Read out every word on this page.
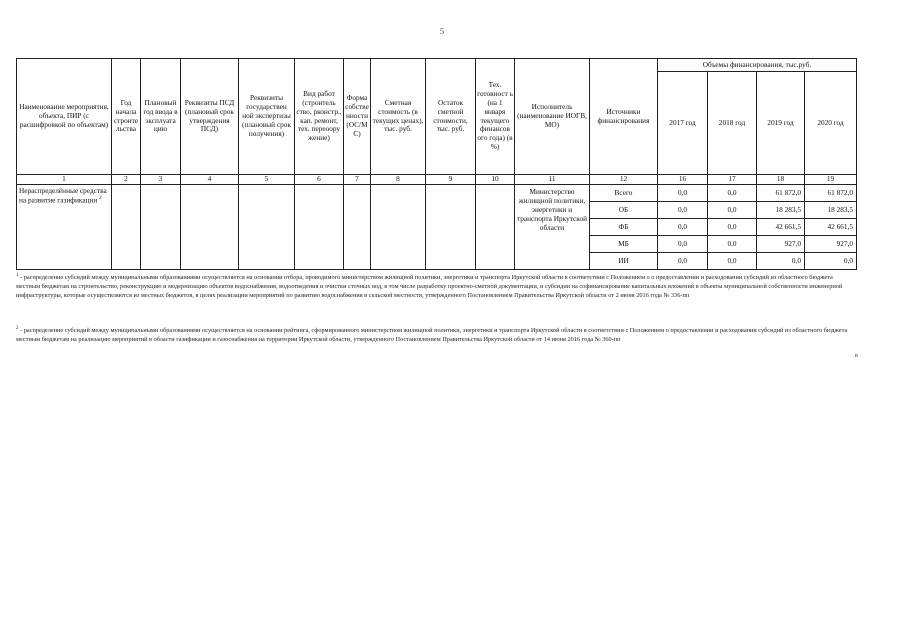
5
Наименование мероприятия, объекта, ПИР (с расшифровкой по объектам)	Год начала строите льства	Плановый год ввода в эксплуата цию	Реквизиты ПСД (плановый срок утверждения ПСД)	Реквизиты государствен ной экспертизы (плановый срок получения)	Вид работ (строитель ство, рконстр., кап. ремонт, тех. переоору жение)	Форма собстве нности (ОС/М С)	Сметная стоимость (в текущих ценах), тыс. руб.	Остаток сметной стоимости, тыс. руб.	Тех. готовност ь (на 1 января текущего финансов ого года) (в %)	Исполнитель (наименование ИОГВ, МО)	Источники финансирования	Объемы финансирования, тыс.руб.			
												2017 год	2018 год	2019 год	2020 год
1	2	3	4	5	6	7	8	9	10	11	12	16	17	18	19
Нераспределённые средства на развитие газификации $^2$										Министерство жилищной политики, энергетики и транспорта Иркутской области	Всего	0,0	0,0	61 872,0	61 872,0
											ОБ	0,0	0,0	18 283,5	18 283,5
											ФБ	0,0	0,0	42 661,5	42 661,5
											МБ	0,0	0,0	927,0	927,0
											ИИ	0,0	0,0	0,0	0,0
$^1$ - распределение субсидий между муниципальными образованиями осуществляется на основании отбора, проводимого министерством жилищной политики, энергетики и транспорта Иркутской области в соответствии с Положением о о предоставлении и расходовании субсидий из областного бюджета местным бюджетам на строительство, реконструкцию и модернизацию объектов водоснабжения, водоотведения и очистки сточных вод, в том числе разработку проектно-сметной документации, и субсидии на софинансирование капитальных вложений в объекты муниципальной собственности инженерной инфраструктуры, которые осуществляются из местных бюджетов, в целях реализации мероприятий по развитию водоснабжения в сельской местности, утвержденного Постановлением Правительства Иркутской области от 2 июня 2016 года № 336-пп
$^2$ - распределение субсидий между муниципальными образованиями осуществляется на основании рейтинга, сформированного министерством жилищной политики, энергетики и транспорта Иркутской области в соответствии с Положением о предоставлении и расходовании субсидий из областного бюджета местным бюджетам на реализацию мероприятий в области газификации и газоснабжения на территории Иркутской области, утвержденного Постановлением Правительства Иркутской области от 14 июня 2016 года № 360-пп
в
